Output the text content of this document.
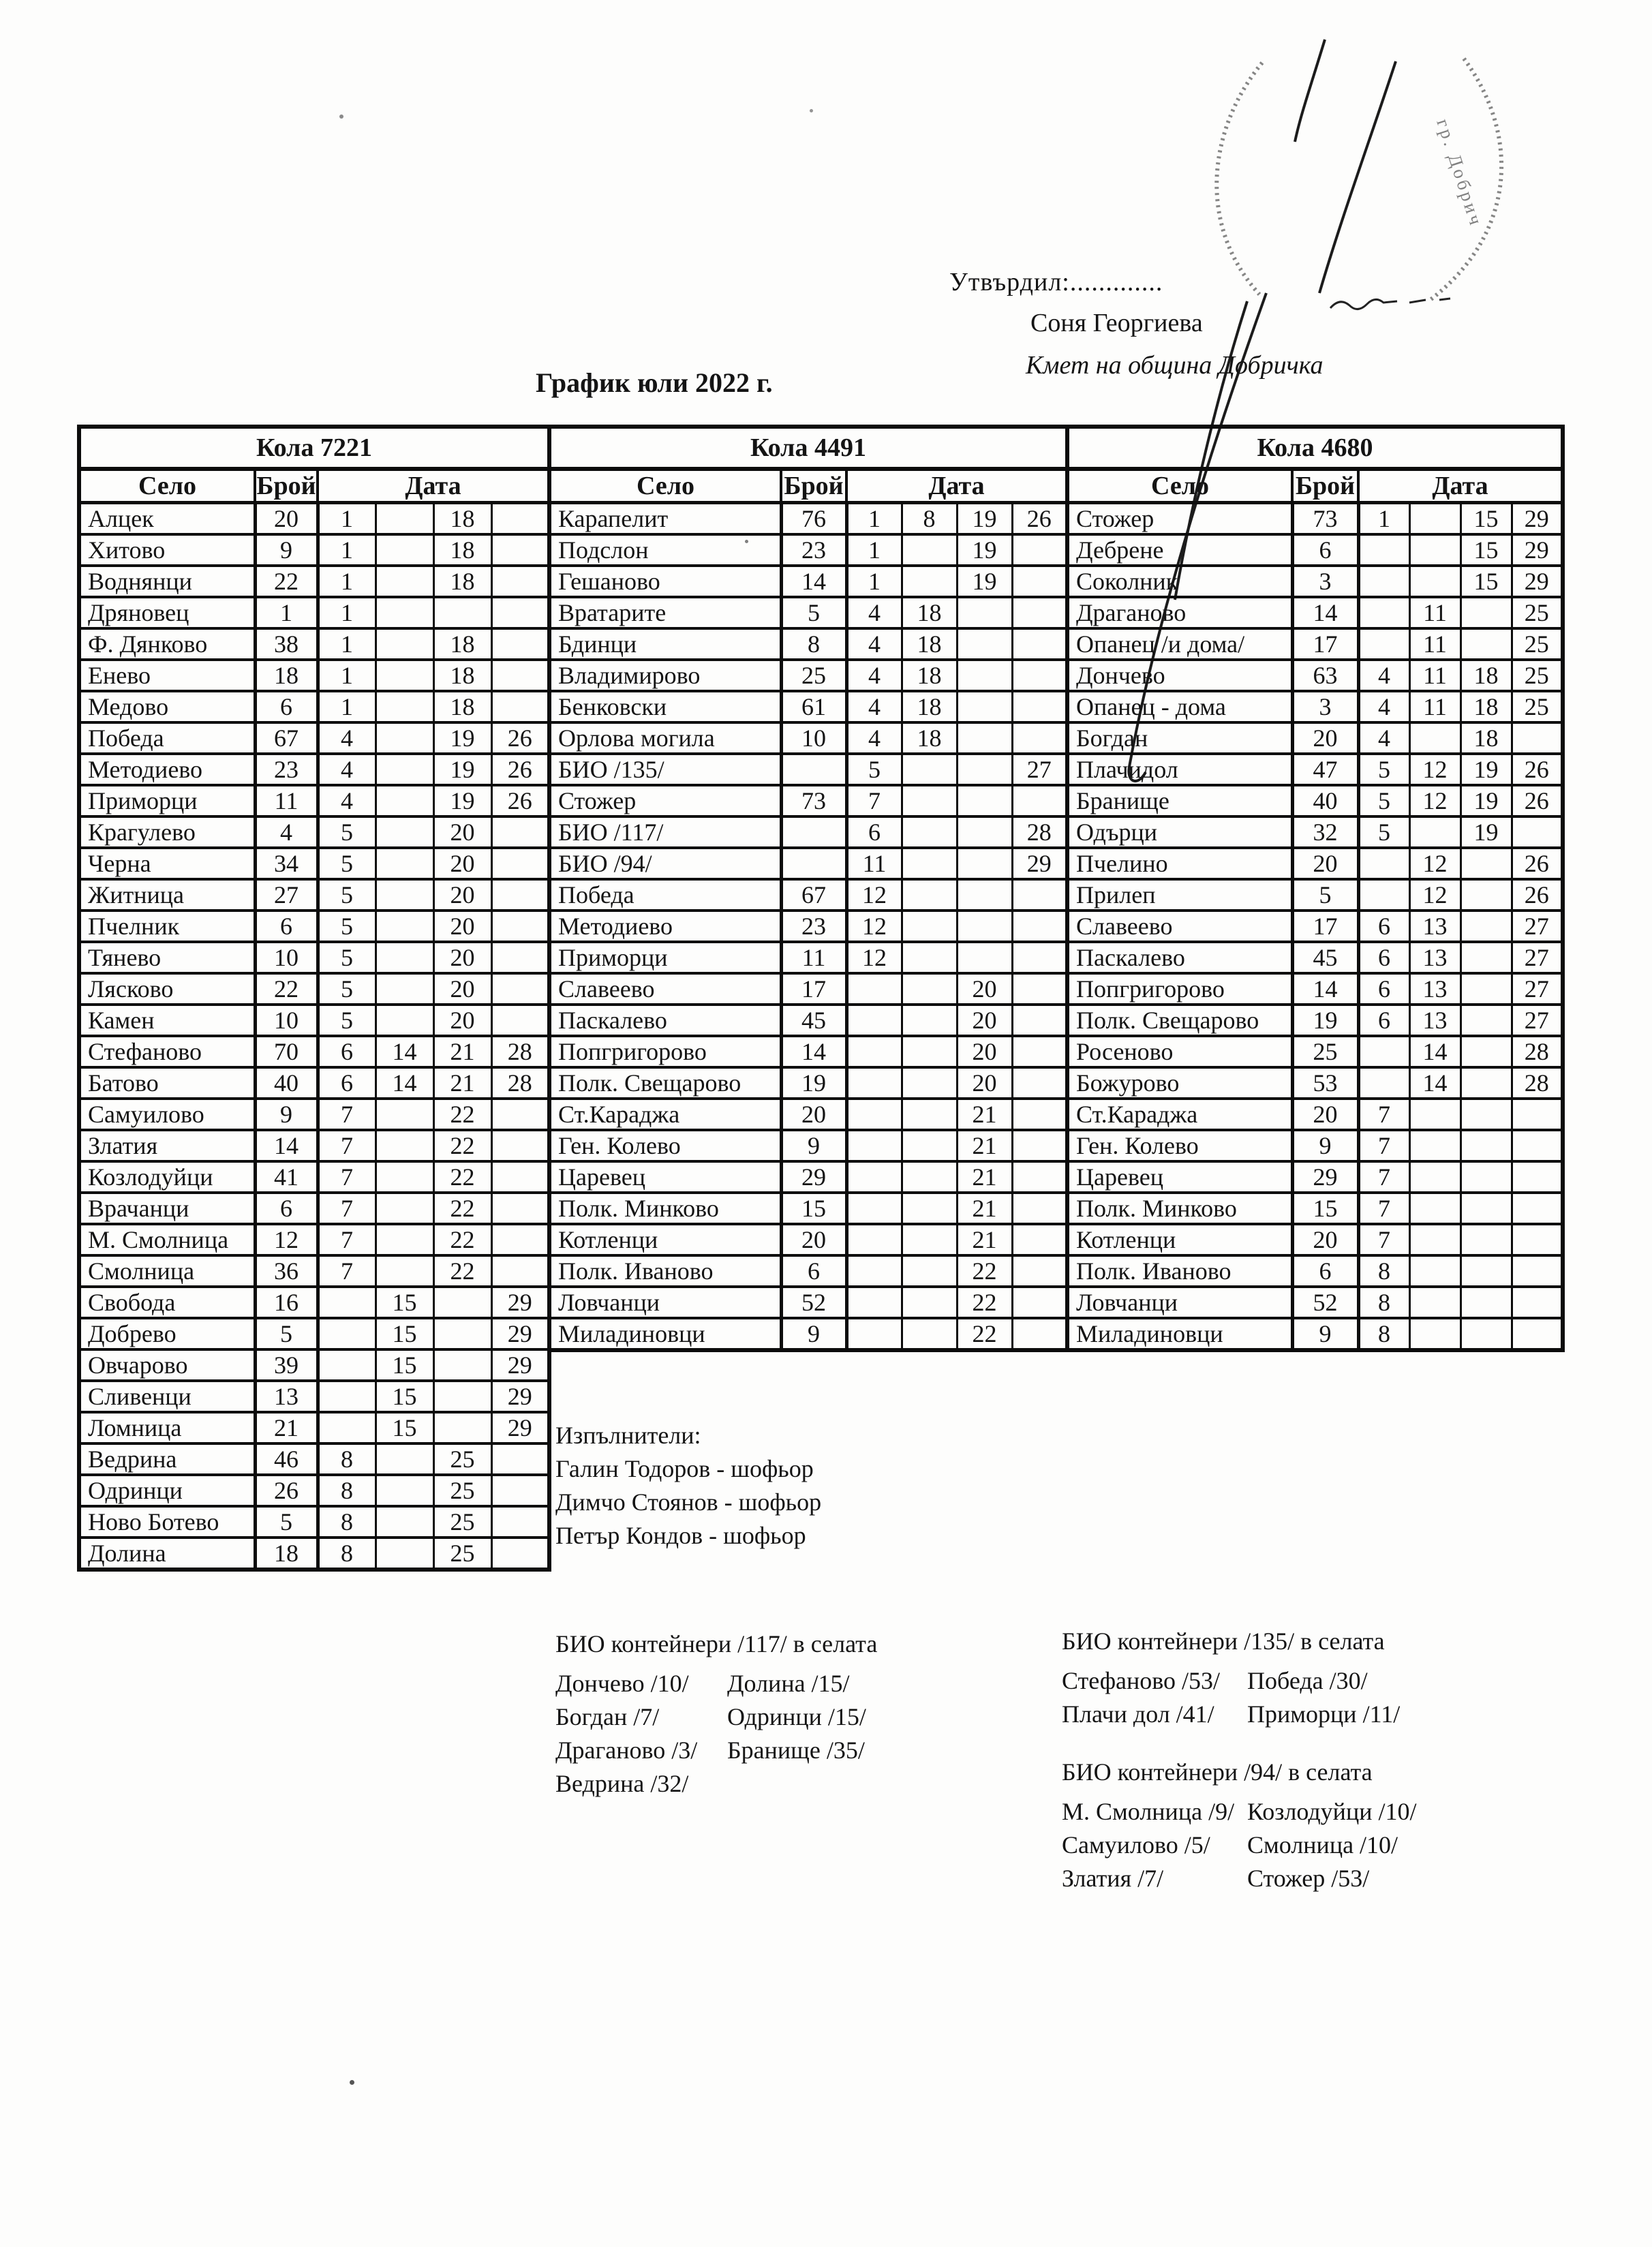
гр. Добрич
Утвърдил:.............
Соня Георгиева
Кмет на община Добричка
График юли 2022 г.
Кола 7221					
Село	Брой	Дата			
Алцек	20	1		18	
Хитово	9	1		18	
Воднянци	22	1		18	
Дряновец	1	1			
Ф. Дянково	38	1		18	
Енево	18	1		18	
Медово	6	1		18	
Победа	67	4		19	26
Методиево	23	4		19	26
Приморци	11	4		19	26
Крагулево	4	5		20	
Черна	34	5		20	
Житница	27	5		20	
Пчелник	6	5		20	
Тянево	10	5		20	
Лясково	22	5		20	
Камен	10	5		20	
Стефаново	70	6	14	21	28
Батово	40	6	14	21	28
Самуилово	9	7		22	
Златия	14	7		22	
Козлодуйци	41	7		22	
Врачанци	6	7		22	
М. Смолница	12	7		22	
Смолница	36	7		22	
Свобода	16		15		29
Добрево	5		15		29
Овчарово	39		15		29
Сливенци	13		15		29
Ломница	21		15		29
Ведрина	46	8		25	
Одринци	26	8		25	
Ново Ботево	5	8		25	
Долина	18	8		25	
Кола 4491					
Село	Брой	Дата			
Карапелит	76	1	8	19	26
Подслон	23	1		19	
Гешаново	14	1		19	
Вратарите	5	4	18		
Бдинци	8	4	18		
Владимирово	25	4	18		
Бенковски	61	4	18		
Орлова могила	10	4	18		
БИО /135/		5			27
Стожер	73	7			
БИО /117/		6			28
БИО /94/		11			29
Победа	67	12			
Методиево	23	12			
Приморци	11	12			
Славеево	17			20	
Паскалево	45			20	
Попгригорово	14			20	
Полк. Свещарово	19			20	
Ст.Караджа	20			21	
Ген. Колево	9			21	
Царевец	29			21	
Полк. Минково	15			21	
Котленци	20			21	
Полк. Иваново	6			22	
Ловчанци	52			22	
Миладиновци	9			22	
Кола 4680					
Село	Брой	Дата			
Стожер	73	1		15	29
Дебрене	6			15	29
Соколник	3			15	29
Драганово	14		11		25
Опанец /и дома/	17		11		25
Дончево	63	4	11	18	25
Опанец - дома	3	4	11	18	25
Богдан	20	4		18	
Плачидол	47	5	12	19	26
Бранище	40	5	12	19	26
Одърци	32	5		19	
Пчелино	20		12		26
Прилеп	5		12		26
Славеево	17	6	13		27
Паскалево	45	6	13		27
Попгригорово	14	6	13		27
Полк. Свещарово	19	6	13		27
Росеново	25		14		28
Божурово	53		14		28
Ст.Караджа	20	7			
Ген. Колево	9	7			
Царевец	29	7			
Полк. Минково	15	7			
Котленци	20	7			
Полк. Иваново	6	8			
Ловчанци	52	8			
Миладиновци	9	8			
Изпълнители:
Галин Тодоров - шофьор
Димчо Стоянов - шофьор
Петър Кондов - шофьор
БИО контейнери /117/ в селата
Дончево /10/	Долина /15/
Богдан /7/	Одринци /15/
Драганово /3/	Бранище /35/
Ведрина /32/
БИО контейнери /135/ в селата
Стефаново /53/	Победа /30/
Плачи дол /41/	Приморци /11/
БИО контейнери /94/ в селата
М. Смолница /9/ Козлодуйци /10/
Самуилово /5/	Смолница /10/
Златия /7/	Стожер /53/
